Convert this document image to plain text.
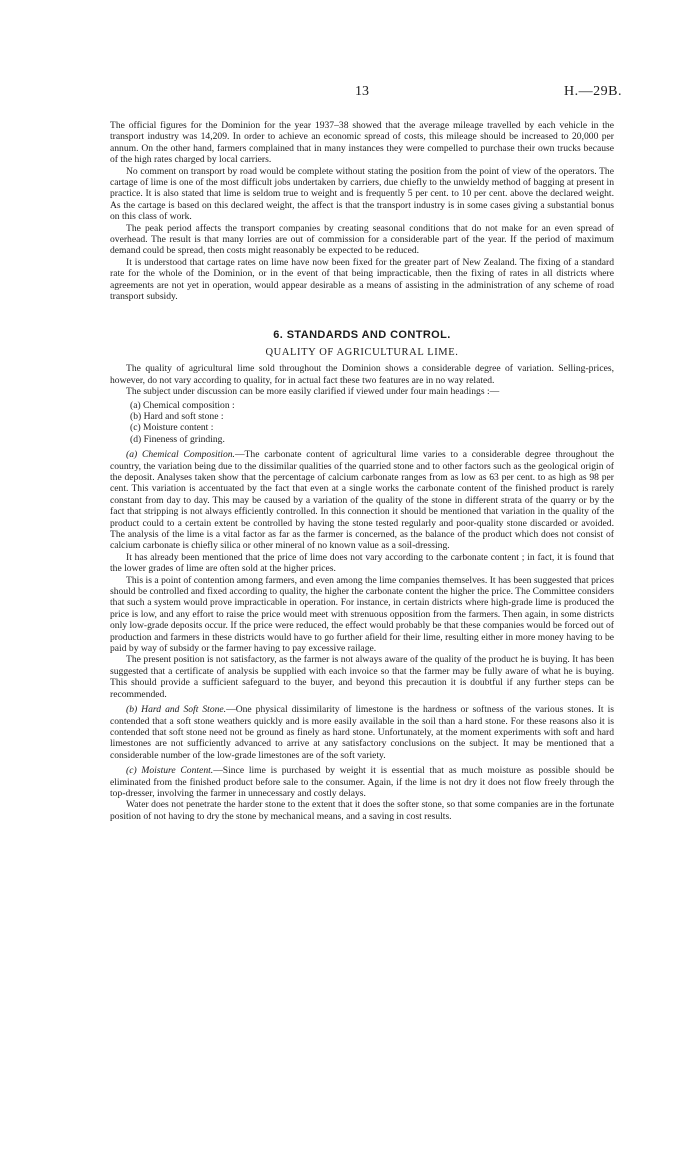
13	H.—29B.

The official figures for the Dominion for the year 1937–38 showed that the average mileage travelled by each vehicle in the transport industry was 14,209. In order to achieve an economic spread of costs, this mileage should be increased to 20,000 per annum. On the other hand, farmers complained that in many instances they were compelled to purchase their own trucks because of the high rates charged by local carriers.

No comment on transport by road would be complete without stating the position from the point of view of the operators. The cartage of lime is one of the most difficult jobs undertaken by carriers, due chiefly to the unwieldy method of bagging at present in practice. It is also stated that lime is seldom true to weight and is frequently 5 per cent. to 10 per cent. above the declared weight. As the cartage is based on this declared weight, the affect is that the transport industry is in some cases giving a substantial bonus on this class of work.

The peak period affects the transport companies by creating seasonal conditions that do not make for an even spread of overhead. The result is that many lorries are out of commission for a considerable part of the year. If the period of maximum demand could be spread, then costs might reasonably be expected to be reduced.

It is understood that cartage rates on lime have now been fixed for the greater part of New Zealand. The fixing of a standard rate for the whole of the Dominion, or in the event of that being impracticable, then the fixing of rates in all districts where agreements are not yet in operation, would appear desirable as a means of assisting in the administration of any scheme of road transport subsidy.

6. STANDARDS AND CONTROL.
QUALITY OF AGRICULTURAL LIME.

The quality of agricultural lime sold throughout the Dominion shows a considerable degree of variation. Selling-prices, however, do not vary according to quality, for in actual fact these two features are in no way related.

The subject under discussion can be more easily clarified if viewed under four main headings :—

(a) Chemical composition :
(b) Hard and soft stone :
(c) Moisture content :
(d) Fineness of grinding.

(a) Chemical Composition.—The carbonate content of agricultural lime varies to a considerable degree throughout the country, the variation being due to the dissimilar qualities of the quarried stone and to other factors such as the geological origin of the deposit. Analyses taken show that the percentage of calcium carbonate ranges from as low as 63 per cent. to as high as 98 per cent. This variation is accentuated by the fact that even at a single works the carbonate content of the finished product is rarely constant from day to day. This may be caused by a variation of the quality of the stone in different strata of the quarry or by the fact that stripping is not always efficiently controlled. In this connection it should be mentioned that variation in the quality of the product could to a certain extent be controlled by having the stone tested regularly and poor-quality stone discarded or avoided. The analysis of the lime is a vital factor as far as the farmer is concerned, as the balance of the product which does not consist of calcium carbonate is chiefly silica or other mineral of no known value as a soil-dressing.

It has already been mentioned that the price of lime does not vary according to the carbonate content ; in fact, it is found that the lower grades of lime are often sold at the higher prices.

This is a point of contention among farmers, and even among the lime companies themselves. It has been suggested that prices should be controlled and fixed according to quality, the higher the carbonate content the higher the price. The Committee considers that such a system would prove impracticable in operation. For instance, in certain districts where high-grade lime is produced the price is low, and any effort to raise the price would meet with strenuous opposition from the farmers. Then again, in some districts only low-grade deposits occur. If the price were reduced, the effect would probably be that these companies would be forced out of production and farmers in these districts would have to go further afield for their lime, resulting either in more money having to be paid by way of subsidy or the farmer having to pay excessive railage.

The present position is not satisfactory, as the farmer is not always aware of the quality of the product he is buying. It has been suggested that a certificate of analysis be supplied with each invoice so that the farmer may be fully aware of what he is buying. This should provide a sufficient safeguard to the buyer, and beyond this precaution it is doubtful if any further steps can be recommended.

(b) Hard and Soft Stone.—One physical dissimilarity of limestone is the hardness or softness of the various stones. It is contended that a soft stone weathers quickly and is more easily available in the soil than a hard stone. For these reasons also it is contended that soft stone need not be ground as finely as hard stone. Unfortunately, at the moment experiments with soft and hard limestones are not sufficiently advanced to arrive at any satisfactory conclusions on the subject. It may be mentioned that a considerable number of the low-grade limestones are of the soft variety.

(c) Moisture Content.—Since lime is purchased by weight it is essential that as much moisture as possible should be eliminated from the finished product before sale to the consumer. Again, if the lime is not dry it does not flow freely through the top-dresser, involving the farmer in unnecessary and costly delays.

Water does not penetrate the harder stone to the extent that it does the softer stone, so that some companies are in the fortunate position of not having to dry the stone by mechanical means, and a saving in cost results.
